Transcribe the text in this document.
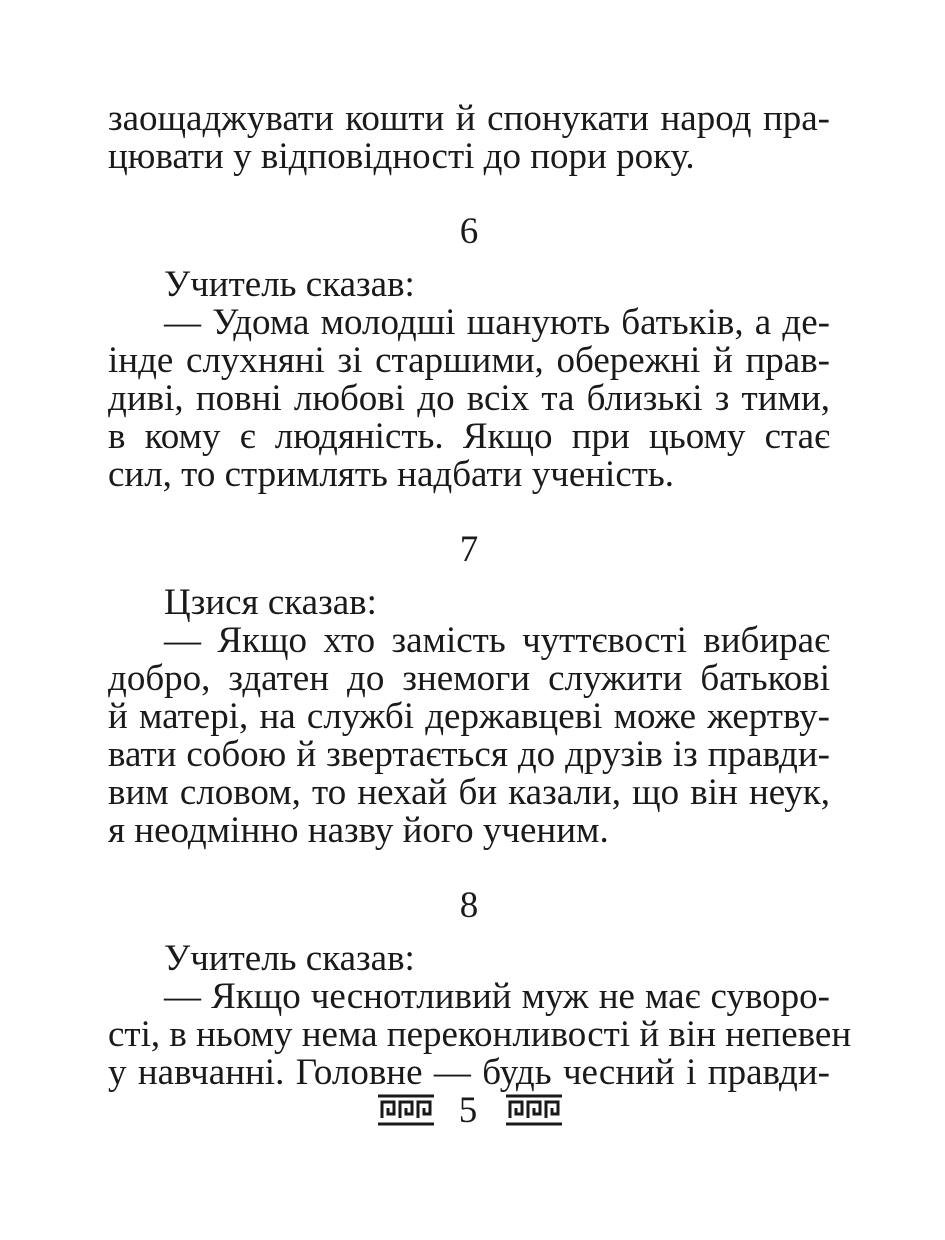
заощаджувати кошти й спонукати народ пра-
цювати у відповідності до пори року.
6
Учитель сказав:
— Удома молодші шанують батьків, а де-
інде слухняні зі старшими, обережні й прав-
диві, повні любові до всіх та близькі з тими,
в кому є людяність. Якщо при цьому стає
сил, то стримлять надбати ученість.
7
Цзися сказав:
— Якщо хто замість чуттєвості вибирає
добро, здатен до знемоги служити батькові
й матері, на службі державцеві може жертву-
вати собою й звертається до друзів із правди-
вим словом, то нехай би казали, що він неук,
я неодмінно назву його ученим.
8
Учитель сказав:
— Якщо чеснотливий муж не має суворо-
сті, в ньому нема переконливості й він непевен
у навчанні. Головне — будь чесний і правди-
5
